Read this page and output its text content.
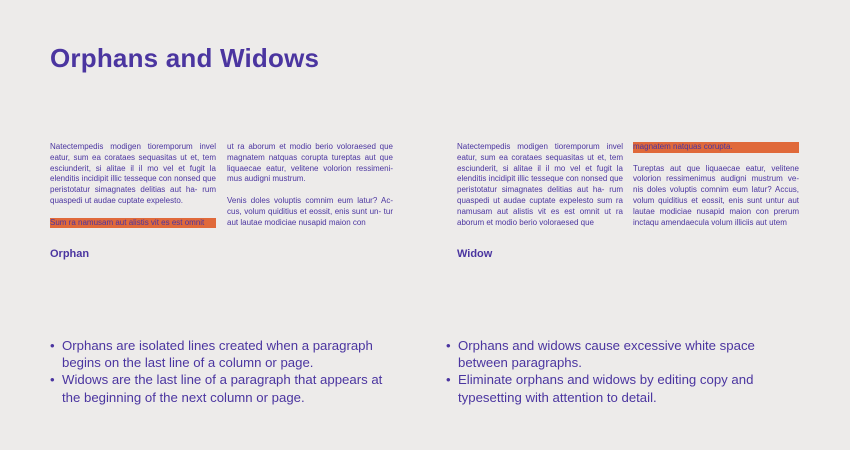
Orphans and Widows

Natectempedis modigen tioremporum invel eatur, sum ea corataes sequasitas ut et, tem esciunderit, si alitae il il mo vel et fugit la elenditis incidipit illic tesseque con nonsed que peristotatur simagnates delitias aut ha- rum quaspedi ut audae cuptate expelesto.

Sum ra namusam aut alistis vit es est omnit

ut ra aborum et modio berio voloraesed que magnatem natquas corupta tureptas aut que liquaecae eatur, velitene volorion ressimeni- mus audigni mustrum.

Venis doles voluptis comnim eum latur? Ac- cus, volum quiditius et eossit, enis sunt un- tur aut lautae modiciae nusapid maion con

Orphan

Natectempedis modigen tioremporum invel eatur, sum ea corataes sequasitas ut et, tem esciunderit, si alitae il il mo vel et fugit la elenditis incidipit illic tesseque con nonsed que peristotatur simagnates delitias aut ha- rum quaspedi ut audae cuptate expelesto sum ra namusam aut alistis vit es est omnit ut ra aborum et modio berio voloraesed que

magnatem natquas corupta.

Tureptas aut que liquaecae eatur, velitene volorion ressimenimus audigni mustrum ve- nis doles voluptis comnim eum latur? Accus, volum quiditius et eossit, enis sunt untur aut lautae modiciae nusapid maion con prerum inctaqu amendaecula volum illiciis aut utem

Widow
• Orphans are isolated lines created when a paragraph begins on the last line of a column or page.
• Widows are the last line of a paragraph that appears at the beginning of the next column or page.
• Orphans and widows cause excessive white space between paragraphs.
• Eliminate orphans and widows by editing copy and typesetting with attention to detail.
